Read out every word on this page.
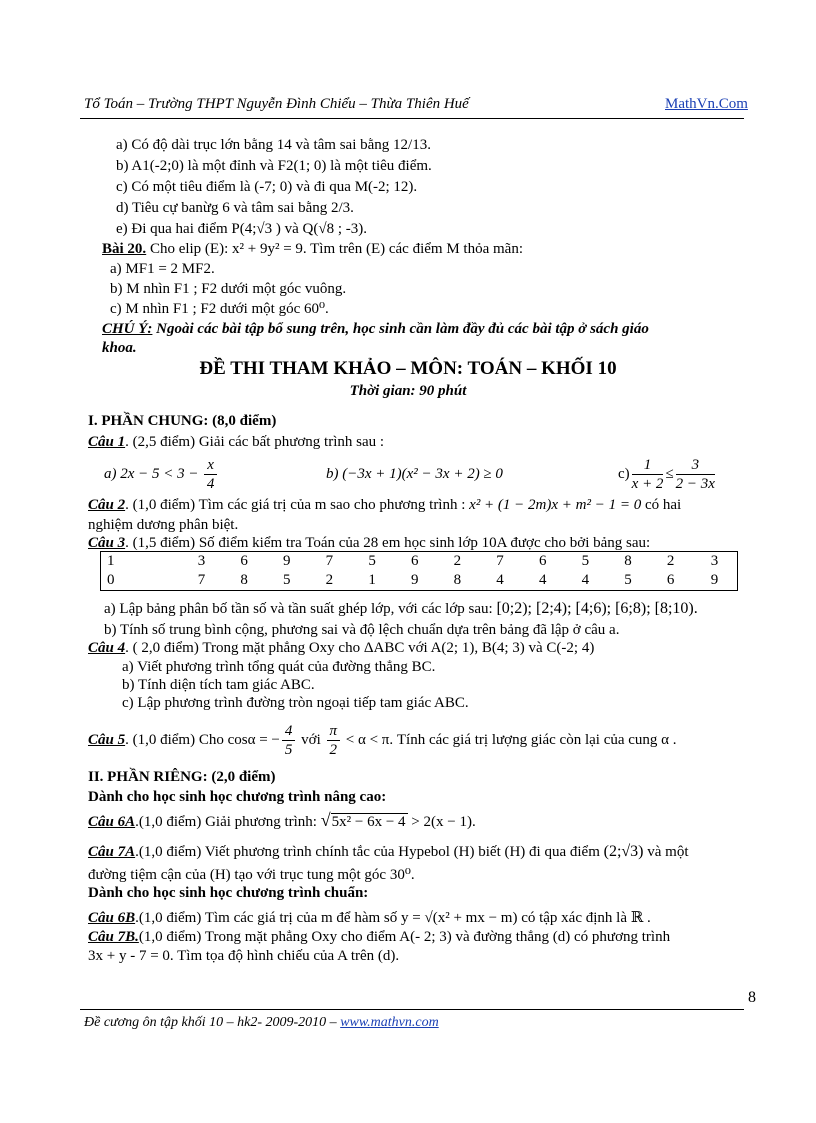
Tổ Toán – Trường THPT Nguyễn Đình Chiểu – Thừa Thiên Huế	MathVn.Com
a) Có độ dài trục lớn bằng 14 và tâm sai bằng 12/13.
b) A1(-2;0) là một đỉnh và F2(1; 0) là một tiêu điểm.
c) Có một tiêu điểm là (-7; 0) và đi qua M(-2; 12).
d) Tiêu cự banừg 6 và tâm sai bằng 2/3.
e) Đi qua hai điểm P(4;√3 ) và Q(√8 ; -3).
Bài 20. Cho elip (E): x² + 9y² = 9. Tìm trên (E) các điểm M thỏa mãn:
a) MF1 = 2 MF2.
b) M nhìn F1 ; F2 dưới một góc vuông.
c) M nhìn F1 ; F2 dưới một góc 60⁰.
CHÚ Ý: Ngoài các bài tập bổ sung trên, học sinh cần làm đầy đủ các bài tập ở sách giáo
khoa.
ĐỀ THI THAM KHẢO – MÔN: TOÁN – KHỐI 10
Thời gian: 90 phút
I. PHẦN CHUNG: (8,0 điểm)
Câu 1. (2,5 điểm) Giải các bất phương trình sau :
a) $2x - 5 < 3 - \frac{x}{4}$	b) (−3x + 1)(x² − 3x + 2) ≥ 0	$c) \frac{1}{x + 2} \le \frac{3}{2 - 3x}$
Câu 2. (1,0 điểm) Tìm các giá trị của m sao cho phương trình : x² + (1 − 2m)x + m² − 1 = 0 có hai
nghiệm dương phân biệt.
Câu 3. (1,5 điểm) Số điểm kiểm tra Toán của 28 em học sinh lớp 10A được cho bởi bảng sau:
1	3	6	9	7	5	6	2	7	6	5	8	2	3
0	7	8	5	2	1	9	8	4	4	4	5	6	9
a) Lập bảng phân bố tần số và tần suất ghép lớp, với các lớp sau: [0;2); [2;4); [4;6); [6;8); [8;10).
b) Tính số trung bình cộng, phương sai và độ lệch chuẩn dựa trên bảng đã lập ở câu a.
Câu 4. ( 2,0 điểm) Trong mặt phẳng Oxy cho ΔABC với A(2; 1), B(4; 3) và C(-2; 4)
a) Viết phương trình tổng quát của đường thẳng BC.
b) Tính diện tích tam giác ABC.
c) Lập phương trình đường tròn ngoại tiếp tam giác ABC.
Câu 5. (1,0 điểm) Cho cosα = − $\frac{4}{5}$ với $\frac{\pi}{2} < \alpha < \pi$. Tính các giá trị lượng giác còn lại của cung α .
II. PHẦN RIÊNG: (2,0 điểm)
Dành cho học sinh học chương trình nâng cao:
Câu 6A.(1,0 điểm) Giải phương trình: √5x² − 6x − 4 > 2(x − 1).
Câu 7A.(1,0 điểm) Viết phương trình chính tắc của Hypebol (H) biết (H) đi qua điểm (2;√3) và một
đường tiệm cận của (H) tạo với trục tung một góc 30⁰.
Dành cho học sinh học chương trình chuẩn:
Câu 6B.(1,0 điểm) Tìm các giá trị của m để hàm số y = √(x² + mx − m) có tập xác định là ℝ .
Câu 7B.(1,0 điểm) Trong mặt phẳng Oxy cho điểm A(- 2; 3) và đường thẳng (d) có phương trình
3x + y - 7 = 0. Tìm tọa độ hình chiếu của A trên (d).
8
Đề cương ôn tập khối 10 – hk2- 2009-2010 – www.mathvn.com
